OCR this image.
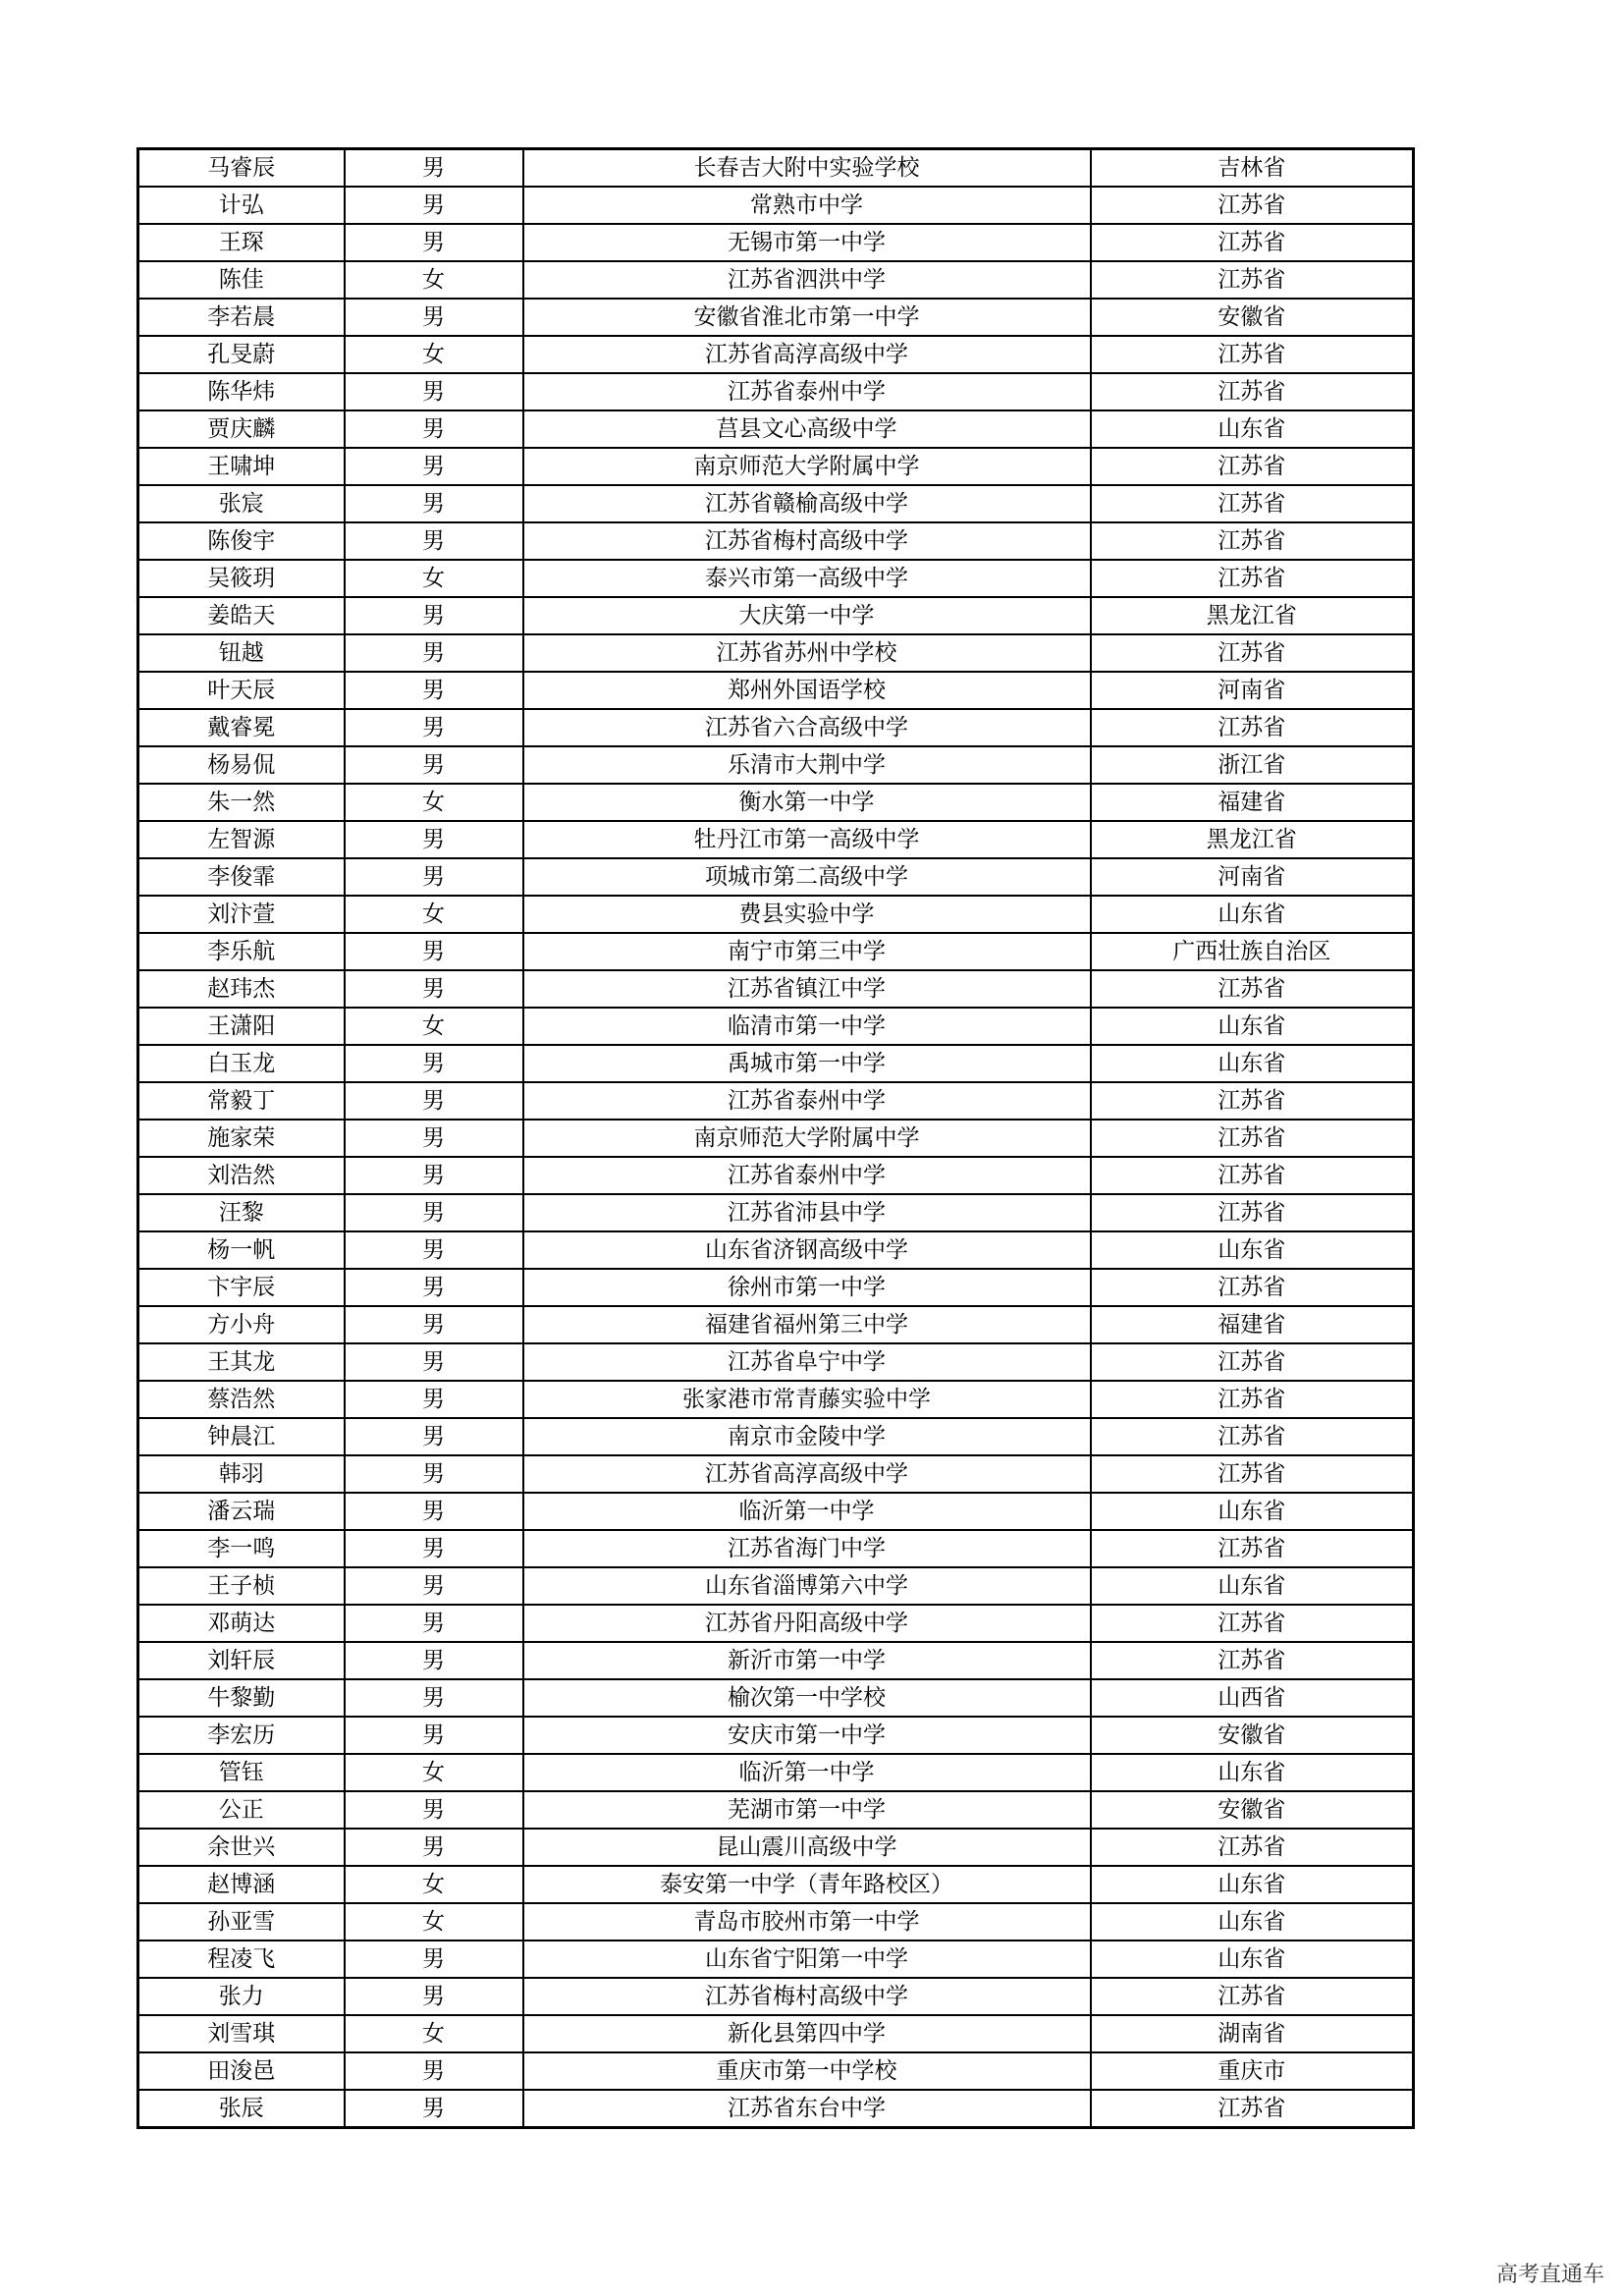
马睿辰	男	长春吉大附中实验学校	吉林省
计弘	男	常熟市中学	江苏省
王琛	男	无锡市第一中学	江苏省
陈佳	女	江苏省泗洪中学	江苏省
李若晨	男	安徽省淮北市第一中学	安徽省
孔旻蔚	女	江苏省高淳高级中学	江苏省
陈华炜	男	江苏省泰州中学	江苏省
贾庆麟	男	莒县文心高级中学	山东省
王啸坤	男	南京师范大学附属中学	江苏省
张宸	男	江苏省赣榆高级中学	江苏省
陈俊宇	男	江苏省梅村高级中学	江苏省
吴筱玥	女	泰兴市第一高级中学	江苏省
姜皓天	男	大庆第一中学	黑龙江省
钮越	男	江苏省苏州中学校	江苏省
叶天辰	男	郑州外国语学校	河南省
戴睿冕	男	江苏省六合高级中学	江苏省
杨易侃	男	乐清市大荆中学	浙江省
朱一然	女	衡水第一中学	福建省
左智源	男	牡丹江市第一高级中学	黑龙江省
李俊霏	男	项城市第二高级中学	河南省
刘汴萱	女	费县实验中学	山东省
李乐航	男	南宁市第三中学	广西壮族自治区
赵玮杰	男	江苏省镇江中学	江苏省
王潇阳	女	临清市第一中学	山东省
白玉龙	男	禹城市第一中学	山东省
常毅丁	男	江苏省泰州中学	江苏省
施家荣	男	南京师范大学附属中学	江苏省
刘浩然	男	江苏省泰州中学	江苏省
汪黎	男	江苏省沛县中学	江苏省
杨一帆	男	山东省济钢高级中学	山东省
卞宇辰	男	徐州市第一中学	江苏省
方小舟	男	福建省福州第三中学	福建省
王其龙	男	江苏省阜宁中学	江苏省
蔡浩然	男	张家港市常青藤实验中学	江苏省
钟晨江	男	南京市金陵中学	江苏省
韩羽	男	江苏省高淳高级中学	江苏省
潘云瑞	男	临沂第一中学	山东省
李一鸣	男	江苏省海门中学	江苏省
王子桢	男	山东省淄博第六中学	山东省
邓萌达	男	江苏省丹阳高级中学	江苏省
刘轩辰	男	新沂市第一中学	江苏省
牛黎勤	男	榆次第一中学校	山西省
李宏历	男	安庆市第一中学	安徽省
管钰	女	临沂第一中学	山东省
公正	男	芜湖市第一中学	安徽省
余世兴	男	昆山震川高级中学	江苏省
赵博涵	女	泰安第一中学（青年路校区）	山东省
孙亚雪	女	青岛市胶州市第一中学	山东省
程凌飞	男	山东省宁阳第一中学	山东省
张力	男	江苏省梅村高级中学	江苏省
刘雪琪	女	新化县第四中学	湖南省
田浚邑	男	重庆市第一中学校	重庆市
张辰	男	江苏省东台中学	江苏省
高考直通车
